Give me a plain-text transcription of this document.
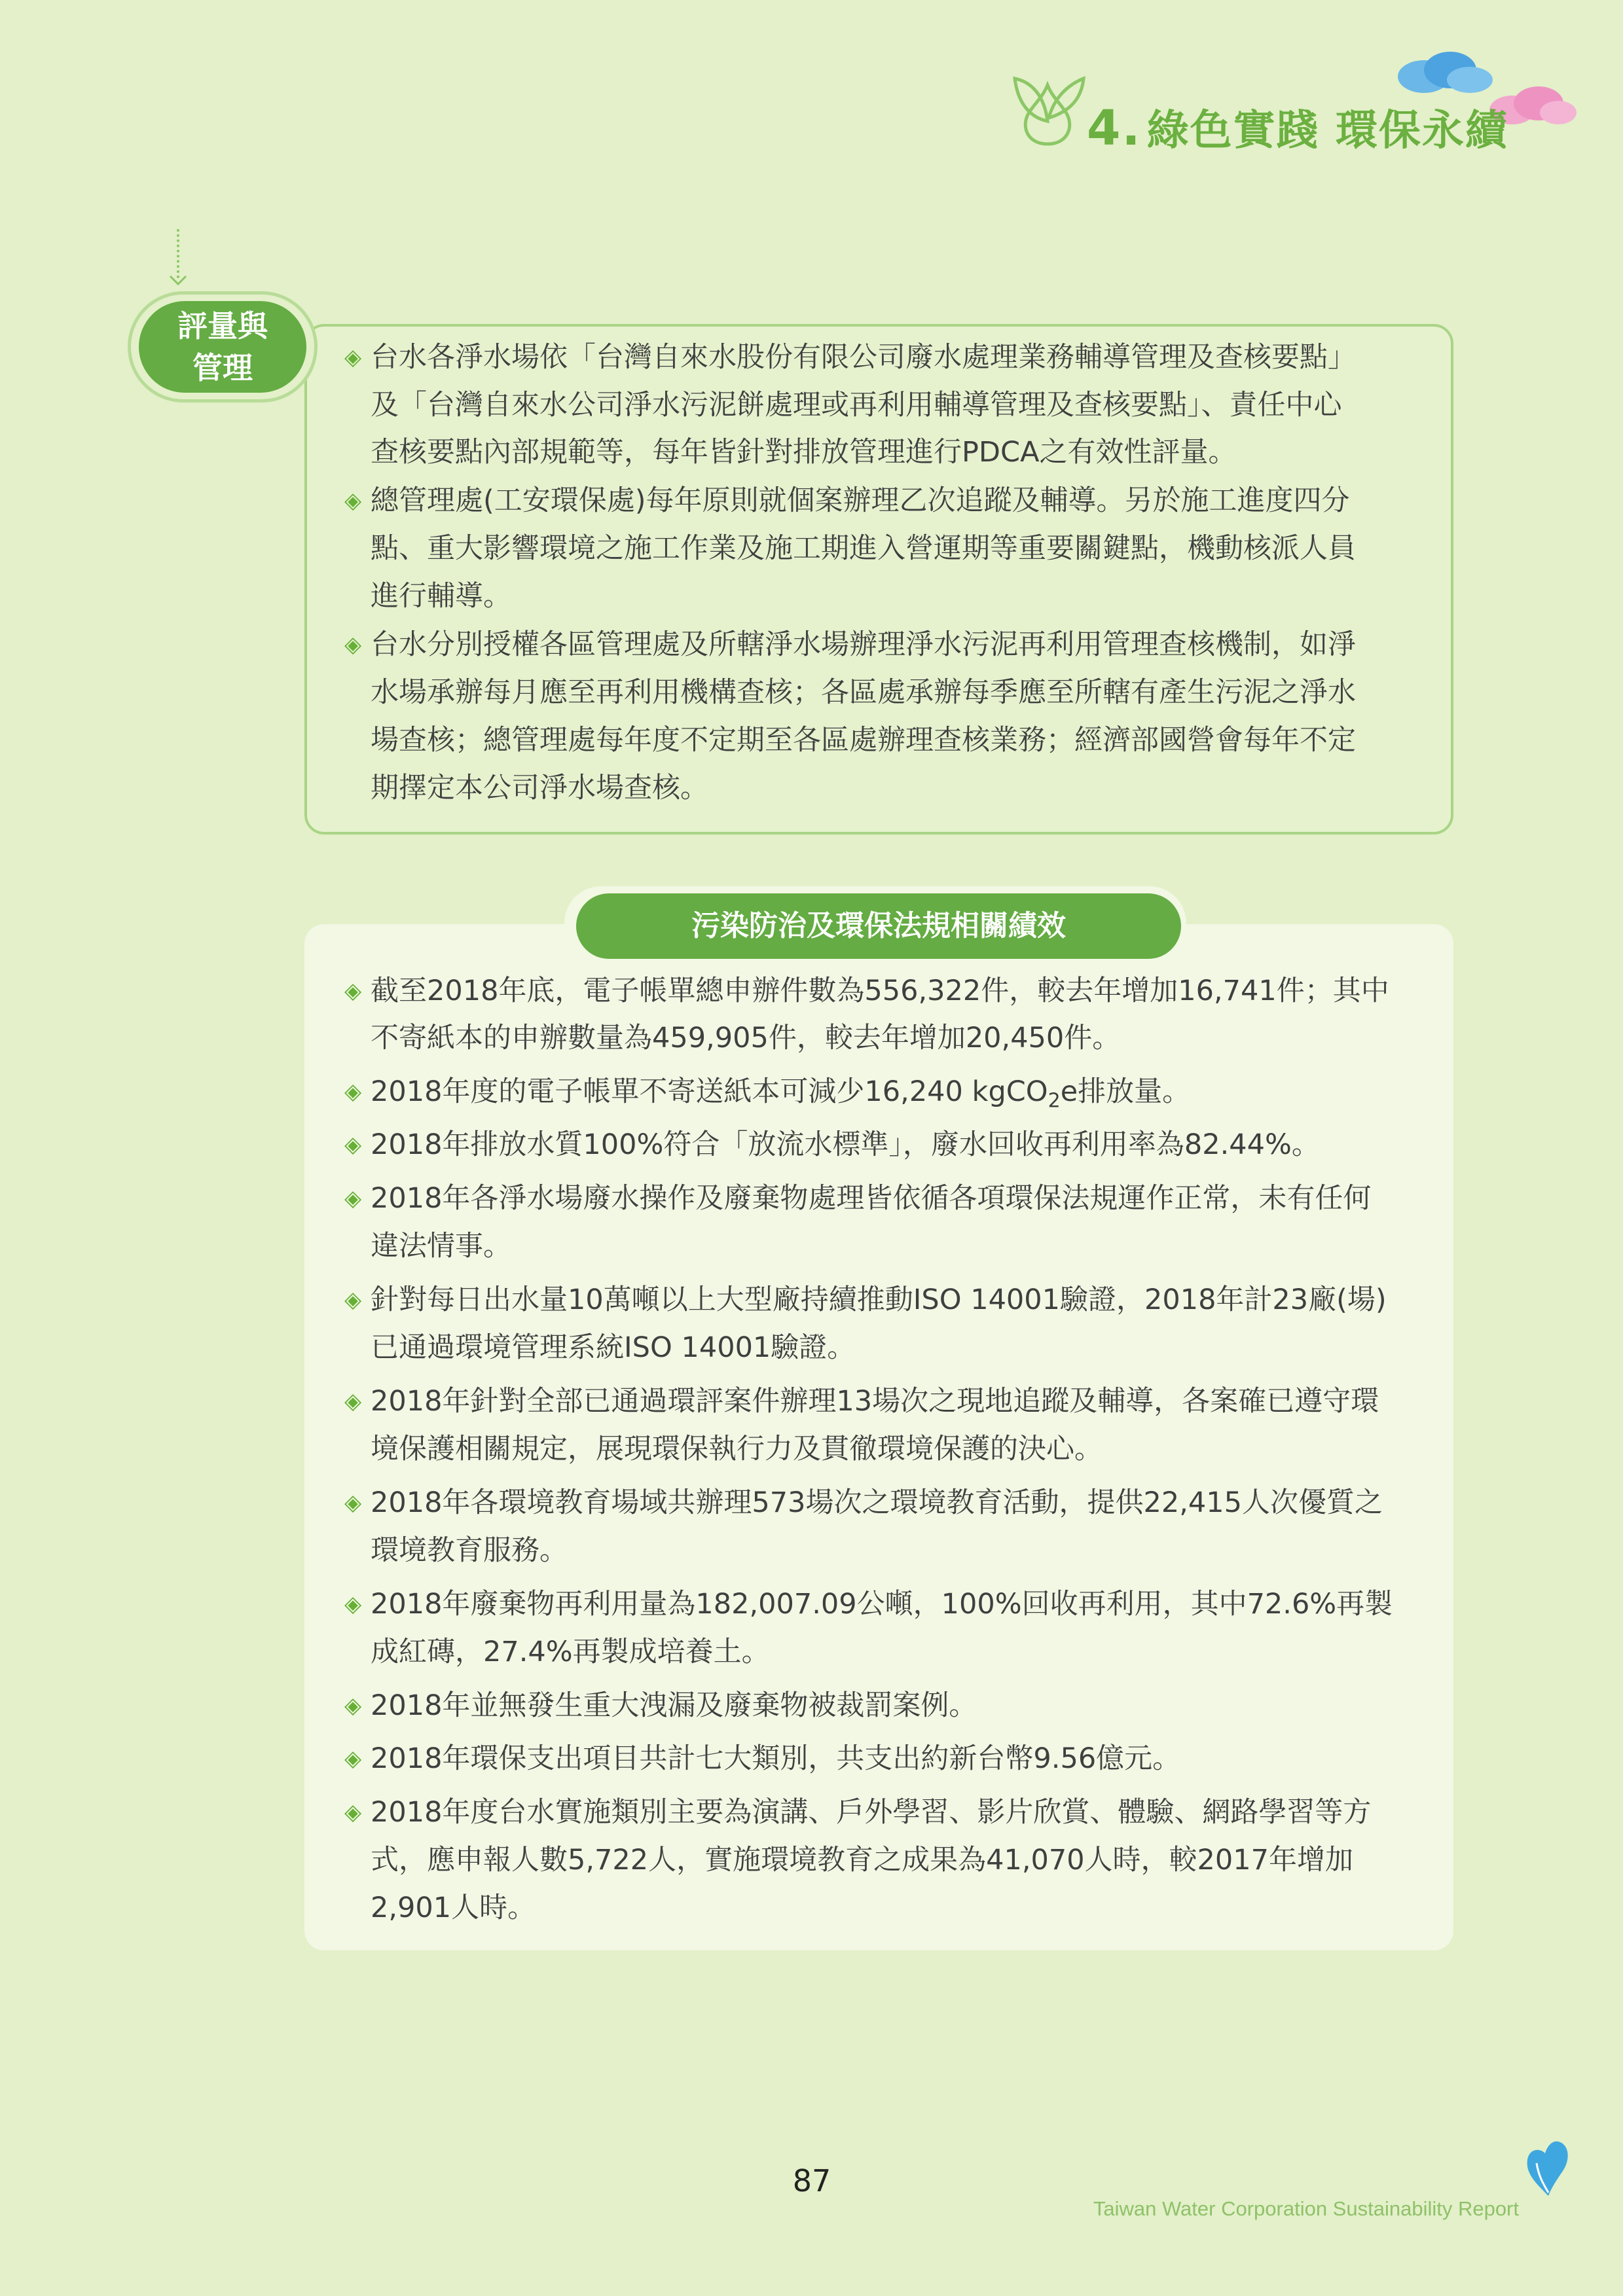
4. 綠色實踐 環保永續
評量與
管理
◈	台水各淨水場依「台灣自來水股份有限公司廢水處理業務輔導管理及查核要點」
及「台灣自來水公司淨水污泥餅處理或再利用輔導管理及查核要點」、責任中心
查核要點內部規範等，每年皆針對排放管理進行PDCA之有效性評量。
◈ 總管理處(工安環保處)每年原則就個案辦理乙次追蹤及輔導。另於施工進度四分
點、重大影響環境之施工作業及施工期進入營運期等重要關鍵點，機動核派人員
進行輔導。
◈ 台水分別授權各區管理處及所轄淨水場辦理淨水污泥再利用管理查核機制，如淨
水場承辦每月應至再利用機構查核；各區處承辦每季應至所轄有產生污泥之淨水
場查核；總管理處每年度不定期至各區處辦理查核業務；經濟部國營會每年不定
期擇定本公司淨水場查核。
污染防治及環保法規相關績效
◈ 截至2018年底，電子帳單總申辦件數為556,322件，較去年增加16,741件；其中
不寄紙本的申辦數量為459,905件，較去年增加20,450件。
◈ 2018年度的電子帳單不寄送紙本可減少16,240 kgCO$_2$e排放量。
◈ 2018年排放水質100%符合「放流水標準」，廢水回收再利用率為82.44%。
◈ 2018年各淨水場廢水操作及廢棄物處理皆依循各項環保法規運作正常，未有任何
違法情事。
◈ 針對每日出水量10萬噸以上大型廠持續推動ISO 14001驗證，2018年計23廠(場)
已通過環境管理系統ISO 14001驗證。
◈ 2018年針對全部已通過環評案件辦理13場次之現地追蹤及輔導，各案確已遵守環
境保護相關規定，展現環保執行力及貫徹環境保護的決心。
◈ 2018年各環境教育場域共辦理573場次之環境教育活動，提供22,415人次優質之
環境教育服務。
◈ 2018年廢棄物再利用量為182,007.09公噸，100%回收再利用，其中72.6%再製
成紅磚，27.4%再製成培養土。
◈ 2018年並無發生重大洩漏及廢棄物被裁罰案例。
◈ 2018年環保支出項目共計七大類別，共支出約新台幣9.56億元。
◈ 2018年度台水實施類別主要為演講、戶外學習、影片欣賞、體驗、網路學習等方
式，應申報人數5,722人，實施環境教育之成果為41,070人時，較2017年增加
2,901人時。
87
Taiwan Water Corporation Sustainability Report
